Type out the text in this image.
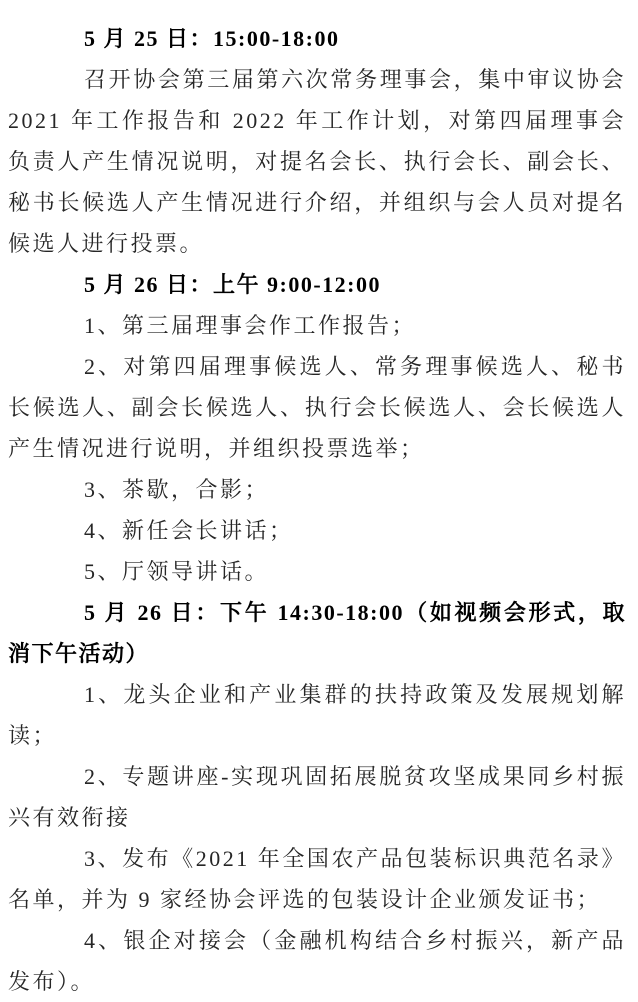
5 月 25 日：15:00-18:00

召开协会第三届第六次常务理事会，集中审议协会 2021 年工作报告和 2022 年工作计划，对第四届理事会负责人产生情况说明，对提名会长、执行会长、副会长、秘书长候选人产生情况进行介绍，并组织与会人员对提名候选人进行投票。

5 月 26 日：上午 9:00-12:00

1、第三届理事会作工作报告；

2、对第四届理事候选人、常务理事候选人、秘书长候选人、副会长候选人、执行会长候选人、会长候选人产生情况进行说明，并组织投票选举；

3、茶歇，合影；

4、新任会长讲话；

5、厅领导讲话。

5 月 26 日：下午 14:30-18:00（如视频会形式，取消下午活动）

1、龙头企业和产业集群的扶持政策及发展规划解读；

2、专题讲座-实现巩固拓展脱贫攻坚成果同乡村振兴有效衔接

3、发布《2021 年全国农产品包装标识典范名录》名单，并为 9 家经协会评选的包装设计企业颁发证书；

4、银企对接会（金融机构结合乡村振兴，新产品发布）。
